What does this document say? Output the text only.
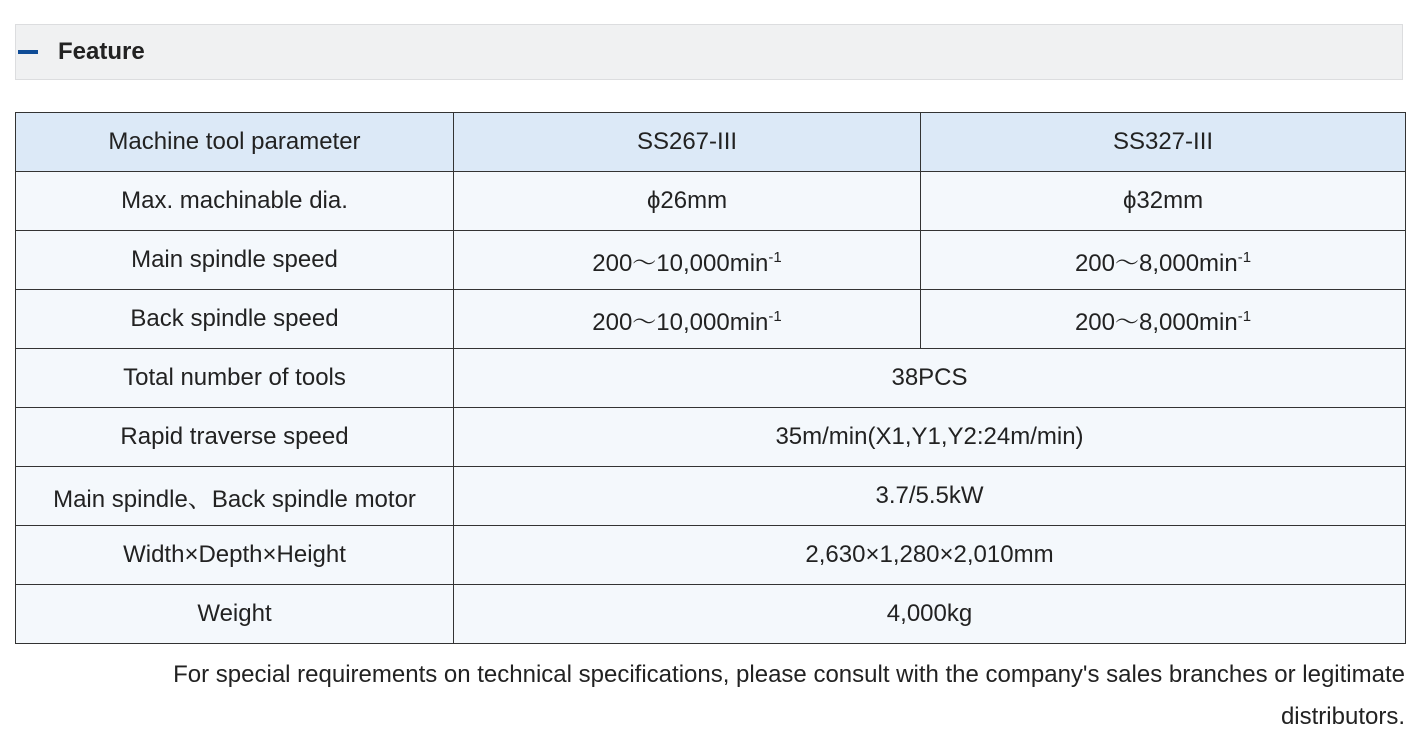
Feature
Machine tool parameter	SS267-III	SS327-III
Max. machinable dia.	ϕ26mm	ϕ32mm
Main spindle speed	$200\sim 10,000\min^{-1}$	$200\sim 8,000\min^{-1}$
Back spindle speed	$200\sim 10,000\min^{-1}$	$200\sim 8,000\min^{-1}$
Total number of tools	38PCS	
Rapid traverse speed	35m/min(X1,Y1,Y2:24m/min)	
Main spindle、Back spindle motor	3.7/5.5kW	
Width×Depth×Height	2,630×1,280×2,010mm	
Weight	4,000kg	
For special requirements on technical specifications, please consult with the company's sales branches or legitimate distributors.
